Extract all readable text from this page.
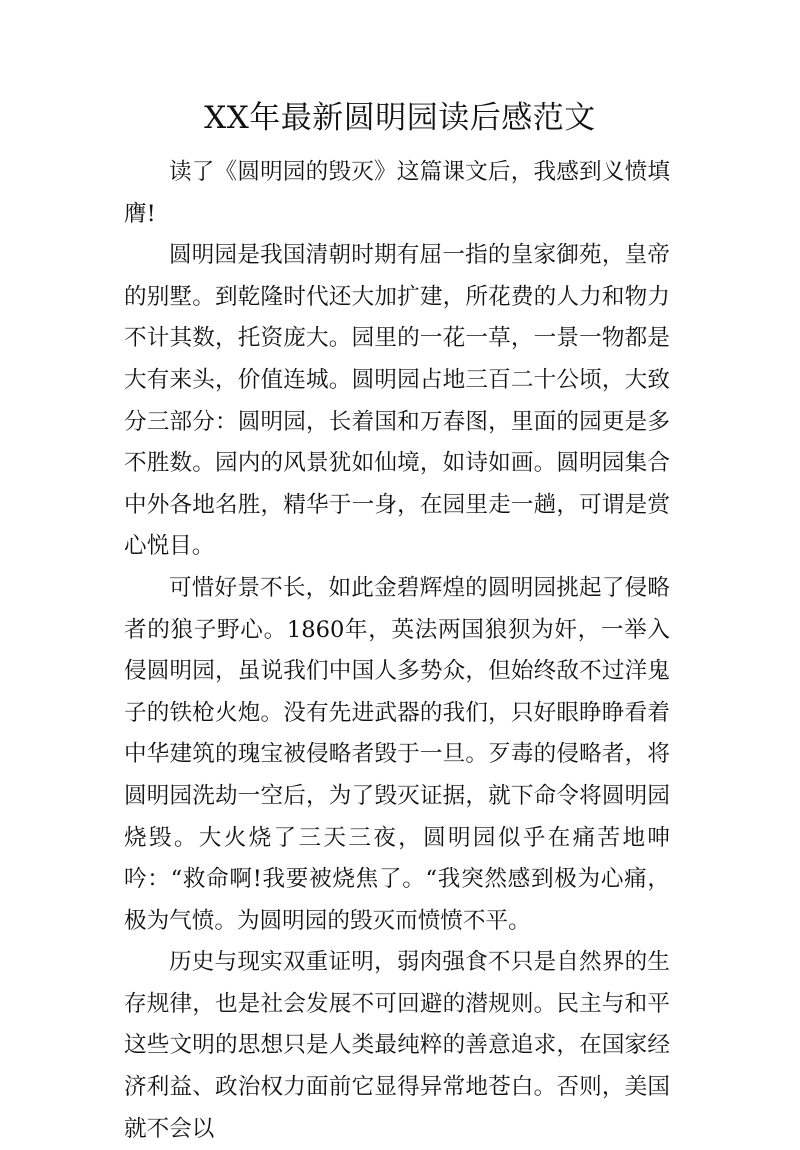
XX年最新圆明园读后感范文

读了《圆明园的毁灭》这篇课文后，我感到义愤填膺!

圆明园是我国清朝时期有屈一指的皇家御苑，皇帝的别墅。到乾隆时代还大加扩建，所花费的人力和物力不计其数，托资庞大。园里的一花一草，一景一物都是大有来头，价值连城。圆明园占地三百二十公顷，大致分三部分：圆明园，长着国和万春图，里面的园更是多不胜数。园内的风景犹如仙境，如诗如画。圆明园集合中外各地名胜，精华于一身，在园里走一趟，可谓是赏心悦目。

可惜好景不长，如此金碧辉煌的圆明园挑起了侵略者的狼子野心。1860年，英法两国狼狈为奸，一举入侵圆明园，虽说我们中国人多势众，但始终敌不过洋鬼子的铁枪火炮。没有先进武器的我们，只好眼睁睁看着中华建筑的瑰宝被侵略者毁于一旦。歹毒的侵略者，将圆明园洗劫一空后，为了毁灭证据，就下命令将圆明园烧毁。大火烧了三天三夜，圆明园似乎在痛苦地呻吟：“救命啊!我要被烧焦了。“我突然感到极为心痛，极为气愤。为圆明园的毁灭而愤愤不平。

历史与现实双重证明，弱肉强食不只是自然界的生存规律，也是社会发展不可回避的潜规则。民主与和平这些文明的思想只是人类最纯粹的善意追求，在国家经济利益、政治权力面前它显得异常地苍白。否则，美国就不会以
